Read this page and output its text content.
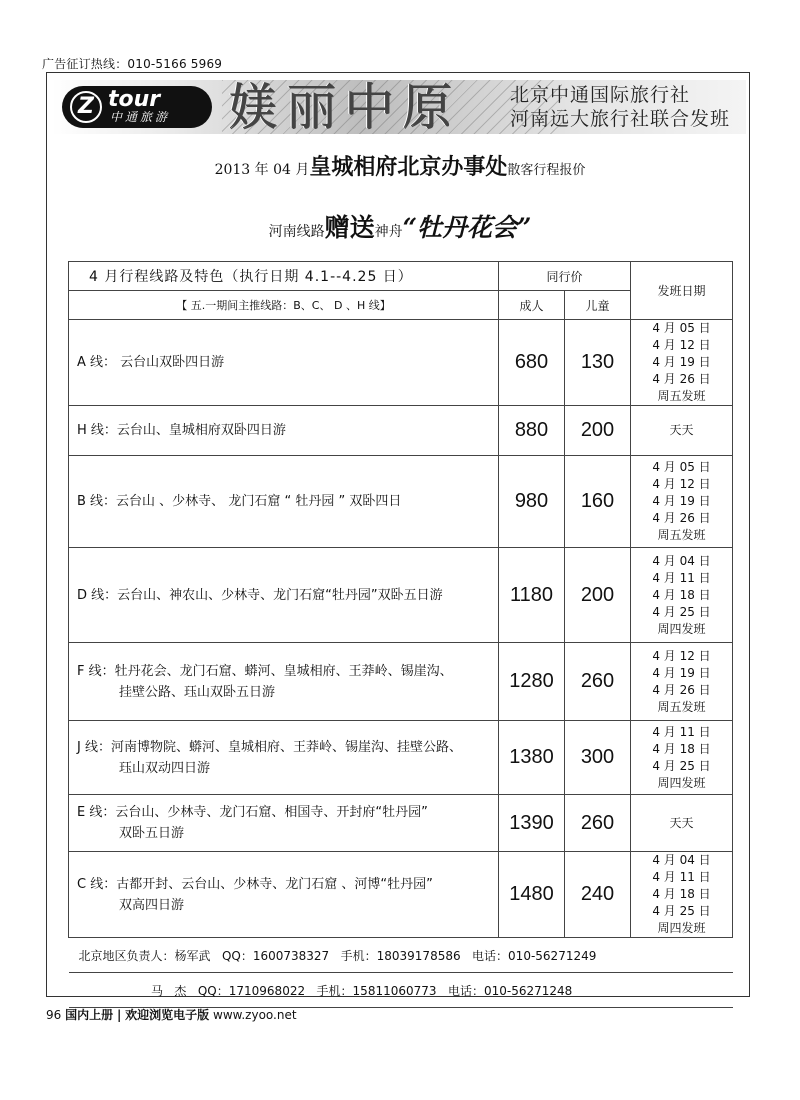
广告征订热线：010-5166 5969
Z tour
中通旅游 媄丽中原	北京中通国际旅行社
河南远大旅行社联合发班
2013 年 04 月皇城相府北京办事处散客行程报价
河南线路赠送神舟“牡丹花会”
4 月行程线路及特色（执行日期 4.1--4.25 日）	同行价		发班日期
【 五.一期间主推线路：B、C、 D 、H 线】	成人	儿童	
A 线： 云台山双卧四日游	680	130	4 月 05 日
4 月 12 日
4 月 19 日
4 月 26 日
周五发班

H 线：云台山、皇城相府双卧四日游	880	200	天天

B 线：云台山 、少林寺、 龙门石窟 “ 牡丹园 ” 双卧四日	980	160	4 月 05 日
4 月 12 日
4 月 19 日
4 月 26 日
周五发班

D 线：云台山、神农山、少林寺、龙门石窟“牡丹园”双卧五日游	1180	200	4 月 04 日
4 月 11 日
4 月 18 日
4 月 25 日
周四发班

F 线：牡丹花会、龙门石窟、蟒河、皇城相府、王莽岭、锡崖沟、
挂壁公路、珏山双卧五日游	1280	260	4 月 12 日
4 月 19 日
4 月 26 日
周五发班

J 线：河南博物院、蟒河、皇城相府、王莽岭、锡崖沟、挂壁公路、
珏山双动四日游	1380	300	4 月 11 日
4 月 18 日
4 月 25 日
周四发班

E 线：云台山、少林寺、龙门石窟、相国寺、开封府“牡丹园”
双卧五日游	1390	260	天天

C 线：古都开封、云台山、少林寺、龙门石窟 、河博“牡丹园”
双高四日游	1480	240	4 月 04 日
4 月 11 日
4 月 18 日
4 月 25 日
周四发班

北京地区负责人：杨军武   QQ：1600738327   手机：18039178586   电话：010-56271249			
马   杰   QQ：1710968022   手机：15811060773   电话：010-56271248			
96 国内上册 | 欢迎浏览电子版 www.zyoo.net
